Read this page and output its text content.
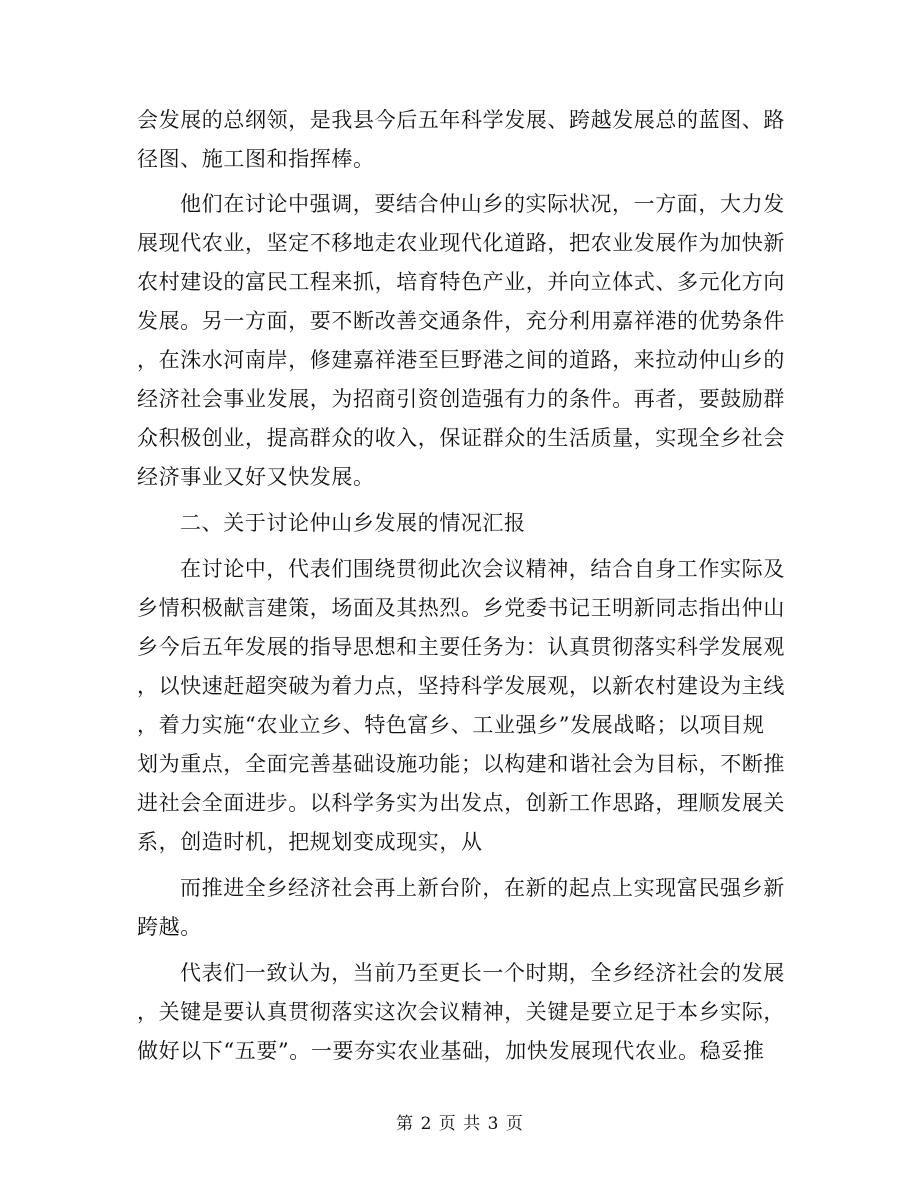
会发展的总纲领，是我县今后五年科学发展、跨越发展总的蓝图、路
径图、施工图和指挥棒。
他们在讨论中强调，要结合仲山乡的实际状况，一方面，大力发
展现代农业，坚定不移地走农业现代化道路，把农业发展作为加快新
农村建设的富民工程来抓，培育特色产业，并向立体式、多元化方向
发展。另一方面，要不断改善交通条件，充分利用嘉祥港的优势条件
，在洙水河南岸，修建嘉祥港至巨野港之间的道路，来拉动仲山乡的
经济社会事业发展，为招商引资创造强有力的条件。再者，要鼓励群
众积极创业，提高群众的收入，保证群众的生活质量，实现全乡社会
经济事业又好又快发展。
二、关于讨论仲山乡发展的情况汇报
在讨论中，代表们围绕贯彻此次会议精神，结合自身工作实际及
乡情积极献言建策，场面及其热烈。乡党委书记王明新同志指出仲山
乡今后五年发展的指导思想和主要任务为：认真贯彻落实科学发展观
，以快速赶超突破为着力点，坚持科学发展观，以新农村建设为主线
，着力实施“农业立乡、特色富乡、工业强乡”发展战略；以项目规
划为重点，全面完善基础设施功能；以构建和谐社会为目标，不断推
进社会全面进步。以科学务实为出发点，创新工作思路，理顺发展关
系，创造时机，把规划变成现实，从
而推进全乡经济社会再上新台阶，在新的起点上实现富民强乡新
跨越。
代表们一致认为，当前乃至更长一个时期，全乡经济社会的发展
，关键是要认真贯彻落实这次会议精神，关键是要立足于本乡实际，
做好以下“五要”。一要夯实农业基础，加快发展现代农业。稳妥推
第 2 页 共 3 页
